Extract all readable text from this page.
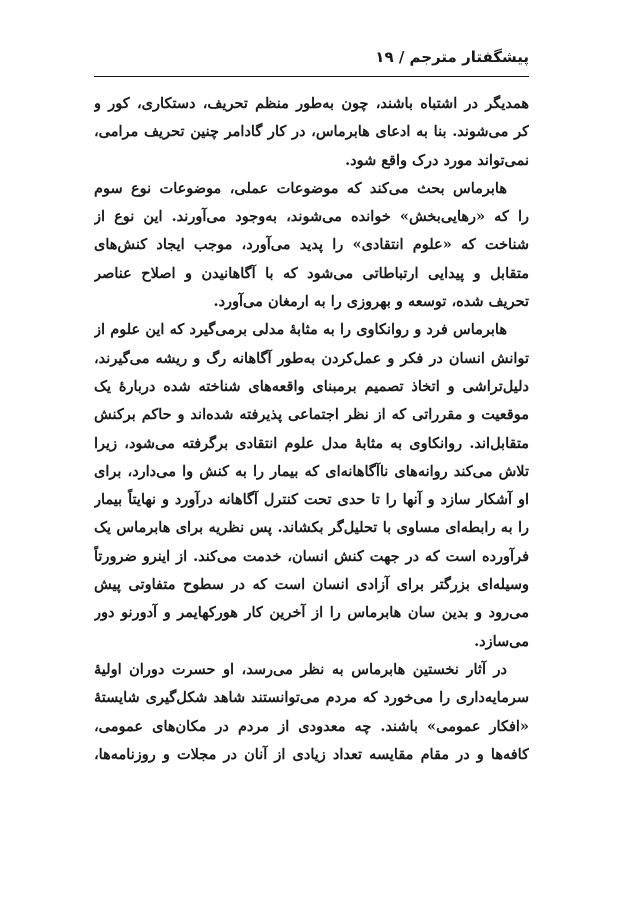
پیشگفتار مترجم / ۱۹
همدیگر در اشتباه باشند، چون به‌طور منظم تحریف، دستکاری، کور و
کر می‌شوند. بنا به ادعای هابرماس، در کار گادامر چنین تحریف مرامی،
نمی‌تواند مورد درک واقع شود.
هابرماس بحث می‌کند که موضوعات عملی، موضوعات نوع سوم
را که «رهایی‌بخش» خوانده می‌شوند، به‌وجود می‌آورند. این نوع از
شناخت که «علوم انتقادی» را پدید می‌آورد، موجب ایجاد کنش‌های
متقابل و پیدایی ارتباطاتی می‌شود که با آگاهانیدن و اصلاح عناصر
تحریف شده، توسعه و بهروزی را به ارمغان می‌آورد.
هابرماس فرد و روانکاوی را به مثابهٔ مدلی برمی‌گیرد که این علوم از
توانش انسان در فکر و عمل‌کردن به‌طور آگاهانه رگ و ریشه می‌گیرند،
دلیل‌تراشی و اتخاذ تصمیم برمبنای واقعه‌های شناخته شده دربارهٔ یک
موقعیت و مقرراتی که از نظر اجتماعی پذیرفته شده‌اند و حاکم برکنش
متقابل‌اند. روانکاوی به مثابهٔ مدل علوم انتقادی برگرفته می‌شود، زیرا
تلاش می‌کند روانه‌های ناآگاهانه‌ای که بیمار را به کنش وا می‌دارد، برای
او آشکار سازد و آنها را تا حدی تحت کنترل آگاهانه درآورد و نهایتاً بیمار
را به رابطه‌ای مساوی با تحلیل‌گر بکشاند. پس نظریه برای هابرماس یک
فرآورده است که در جهت کنش انسان، خدمت می‌کند. از اینرو ضرورتاً
وسیله‌ای بزرگتر برای آزادی انسان است که در سطوح متفاوتی پیش
می‌رود و بدین سان هابرماس را از آخرین کار هورکهایمر و آدورنو دور
می‌سازد.
در آثار نخستین هابرماس به نظر می‌رسد، او حسرت دوران اولیهٔ
سرمایه‌داری را می‌خورد که مردم می‌توانستند شاهد شکل‌گیری شایستهٔ
«افکار عمومی» باشند. چه معدودی از مردم در مکان‌های عمومی،
کافه‌ها و در مقام مقایسه تعداد زیادی از آنان در مجلات و روزنامه‌ها،
